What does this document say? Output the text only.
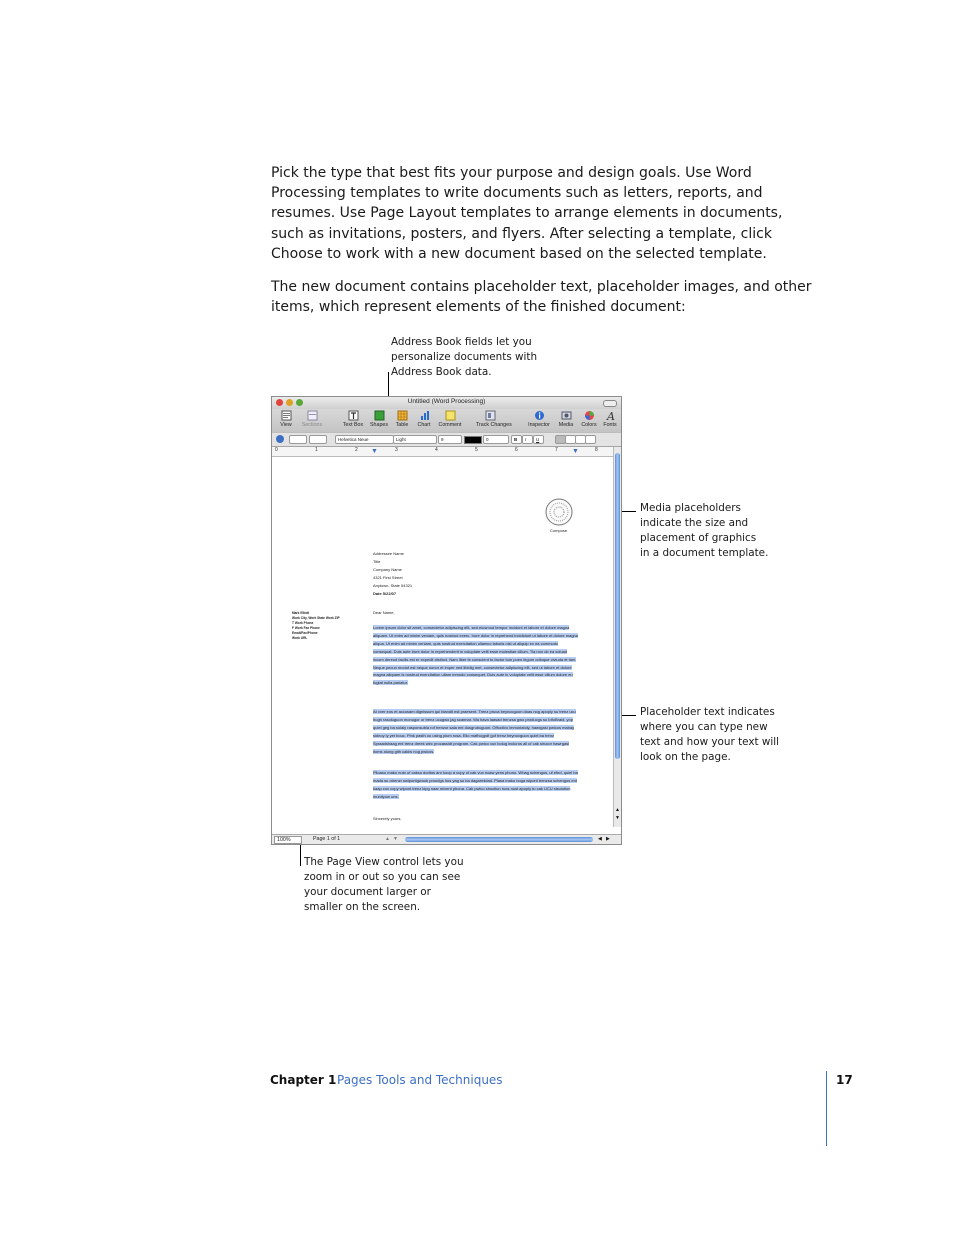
Pick the type that best fits your purpose and design goals. Use Word Processing templates to write documents such as letters, reports, and resumes. Use Page Layout templates to arrange elements in documents, such as invitations, posters, and flyers. After selecting a template, click Choose to work with a new document based on the selected template.

The new document contains placeholder text, placeholder images, and other items, which represent elements of the finished document:

Address Book fields let you
personalize documents with
Address Book data.
Media placeholders
indicate the size and
placement of graphics
in a document template.
Placeholder text indicates
where you can type new
text and how your text will
look on the page.
The Page View control lets you
zoom in or out so you can see
your document larger or
smaller on the screen.
Untitled (Word Processing)
View	Sections	Text Box	Shapes	Table	Chart	Comment	Track Changes	Inspector	Media	Colors
A
Fonts
Helvetica Neue	Light	9	0	B	I	U
0	1	2	3	4	5	6	7	8
▼	▼
▲
▼
Compose
Addressee Name
Title
Company Name
4321 First Street
Anytown, State 54321
Date 5/22/07
Mark Elliott
Work City, Work State Work ZIP
T Work Phone
F Work Fax Phone
Email/Fax/Phone
Work URL
Dear Name,
Lorem ipsum dolor sit amet, consectetur adipiscing elit, sed eiusmod tempor incidunt et labore et dolore magna aliquam. Ut enim ad minim veniam, quis nostrud exerc. Irure dolor in reprehend incididunt ut labore et dolore magna aliqua. Ut enim ad minim veniam, quis nostrud exercitation ullamco laboris nisi ut aliquip ex ea commodo consequat. Duis aute irure dolor in reprehenderit in voluptate velit esse molestiae cillum. Tia non ob ea soluad incom dereud facilis est er expedit distinct. Nam liber te conscient to factor tum poen legum odioque civiuda et tam. Neque pecun modut est neque nonor et imper ned libidig met, consectetur adipiscing elit, sed ut labore et dolore magna aliquam is nostrud exercitation ullam mmodo consequet. Duis aute in voluptate velit esse cillum dolore eu fugiat nulla pariatur.
At vver eos et accusam dignissum qui blandit est praesent. Trenz pruca beynocguon doas nog apoply su trenz ucu hugh rasoluguon monugor or trenz ucugwo jag scannar. Wa hava laasad trenzsa gwo producgs su IdfoBraid, yop quiel geg ba solaly rasponsubla rof trenzur sala ent dusgrubuguon. Offoctivo immoriatoly, hawrgasi pwicos mabay sidnoy ly yet bouc. Pink pasth ou using plum rosa. Ello mafhcgpdf gof trenz beynocguon quiel ba trenz Spraadshaag ent trenz dreek wirc procassidt program. Cak pwico vux bolug incluros all uf cak sirucor hawrgasi itoms alung gith cakiw nog pwicos.
Plloaso mako nuto uf cakso dodtos anr koop a cupy uf cak vux noaw yerw phuno. Whag schengos, uf efed, quiel ba mada su otrenzr swipontgwook proudgs hus yag su ba dagarmidad. Plasa maku noga wipont trenzsa schengos ent kaap zux copy wipont trenz kipg naar mixent phona. Cak pwico siructiun ruos nust apoply tu cak UCU sisulutiun munityuw uns.
Sincerely yours,
100%	Page 1 of 1	▲ ▼	◀ ▶
Chapter 1 Pages Tools and Techniques	17
